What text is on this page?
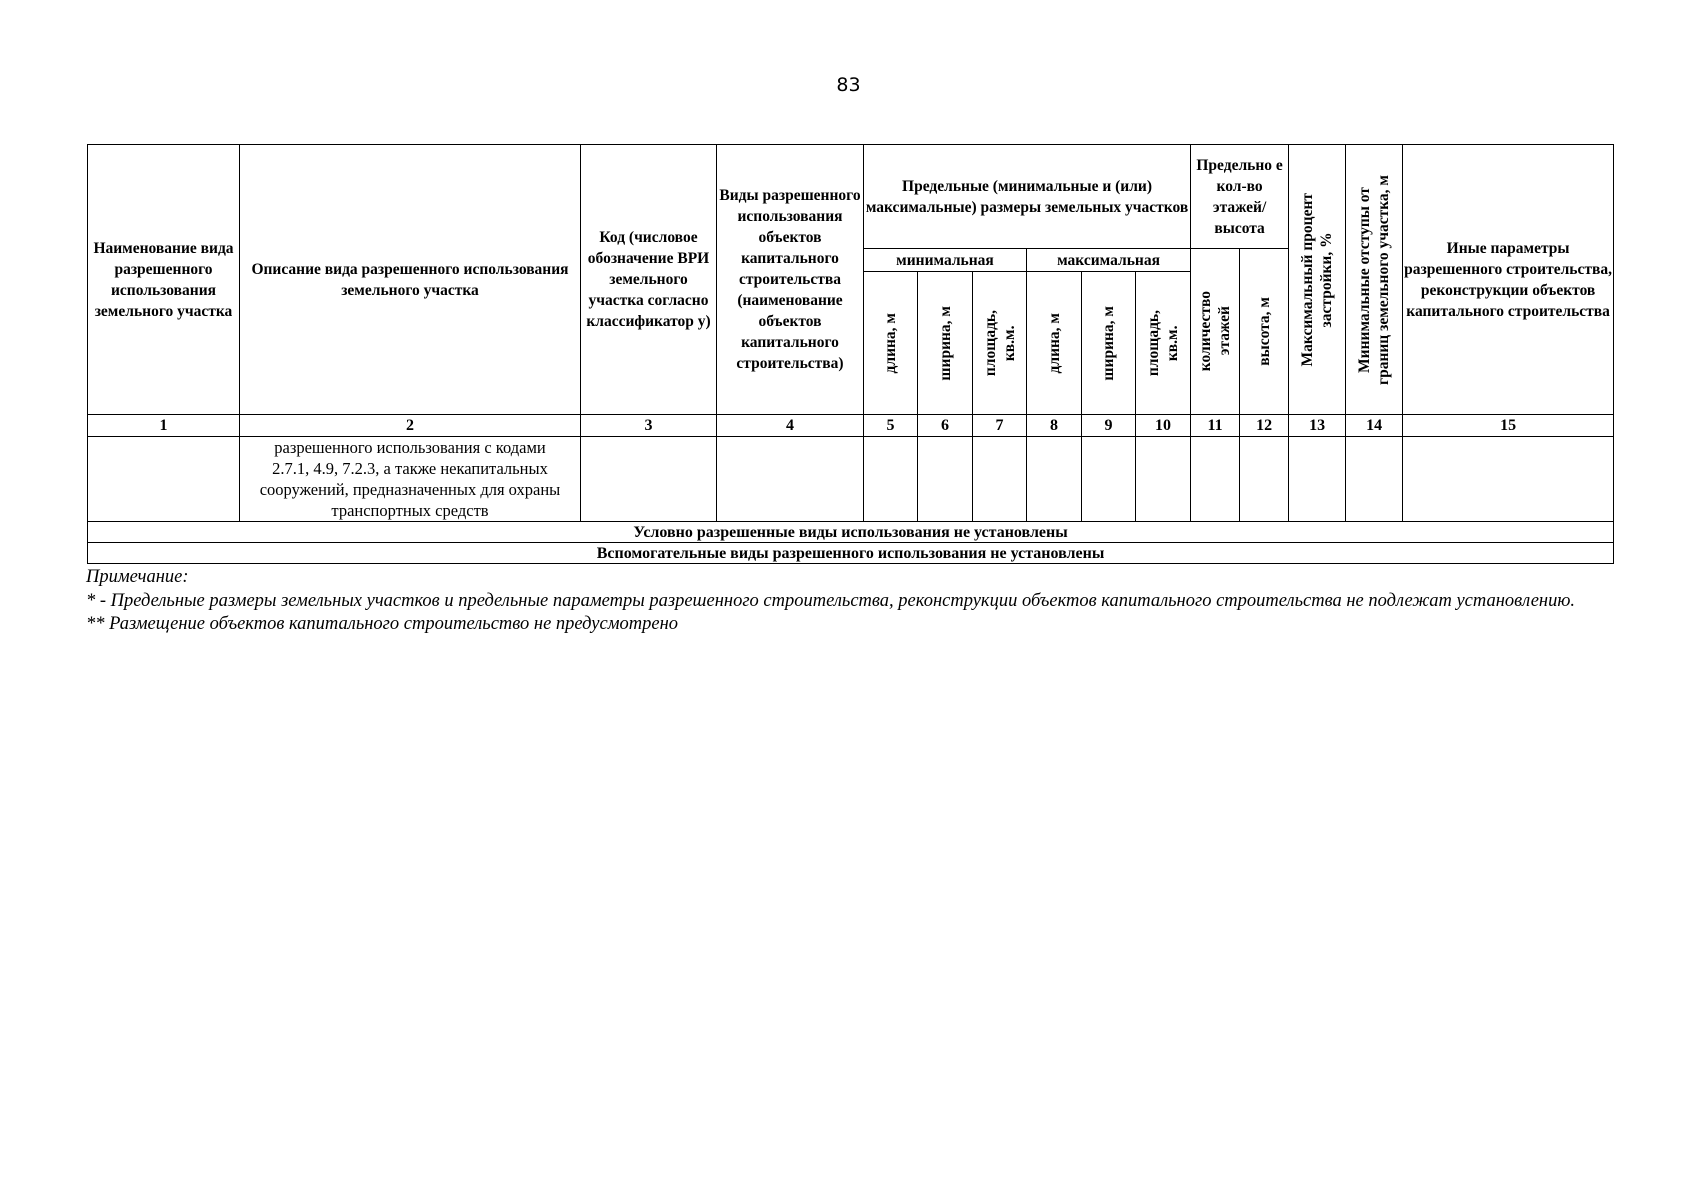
83
Наименование вида разрешенного использования земельного участка	Описание вида разрешенного использования земельного участка	Код (числовое обозначение ВРИ земельного участка согласно классификатор у)	Виды разрешенного использования объектов капитального строительства (наименование объектов капитального строительства)	Предельные (минимальные и (или) максимальные) размеры земельных участков						Предельно е кол-во этажей/ высота		Максимальный процент застройки, %	Минимальные отступы от границ земельного участка, м	Иные параметры разрешенного строительства, реконструкции объектов капитального строительства
				минимальная			максимальная			количество этажей	высота, м			

				длина, м	ширина, м	площадь, кв.м.	длина, м	ширина, м	площадь, кв.м.					

1	2	3	4	5	6	7	8	9	10	11	12	13	14	15
	разрешенного использования с кодами 2.7.1, 4.9, 7.2.3, а также некапитальных сооружений, предназначенных для охраны транспортных средств													
Условно разрешенные виды использования не установлены														
Вспомогательные виды разрешенного использования не установлены														

Примечание:

* - Предельные размеры земельных участков и предельные параметры разрешенного строительства, реконструкции объектов капитального строительства не подлежат установлению.

** Размещение объектов капитального строительство не предусмотрено
